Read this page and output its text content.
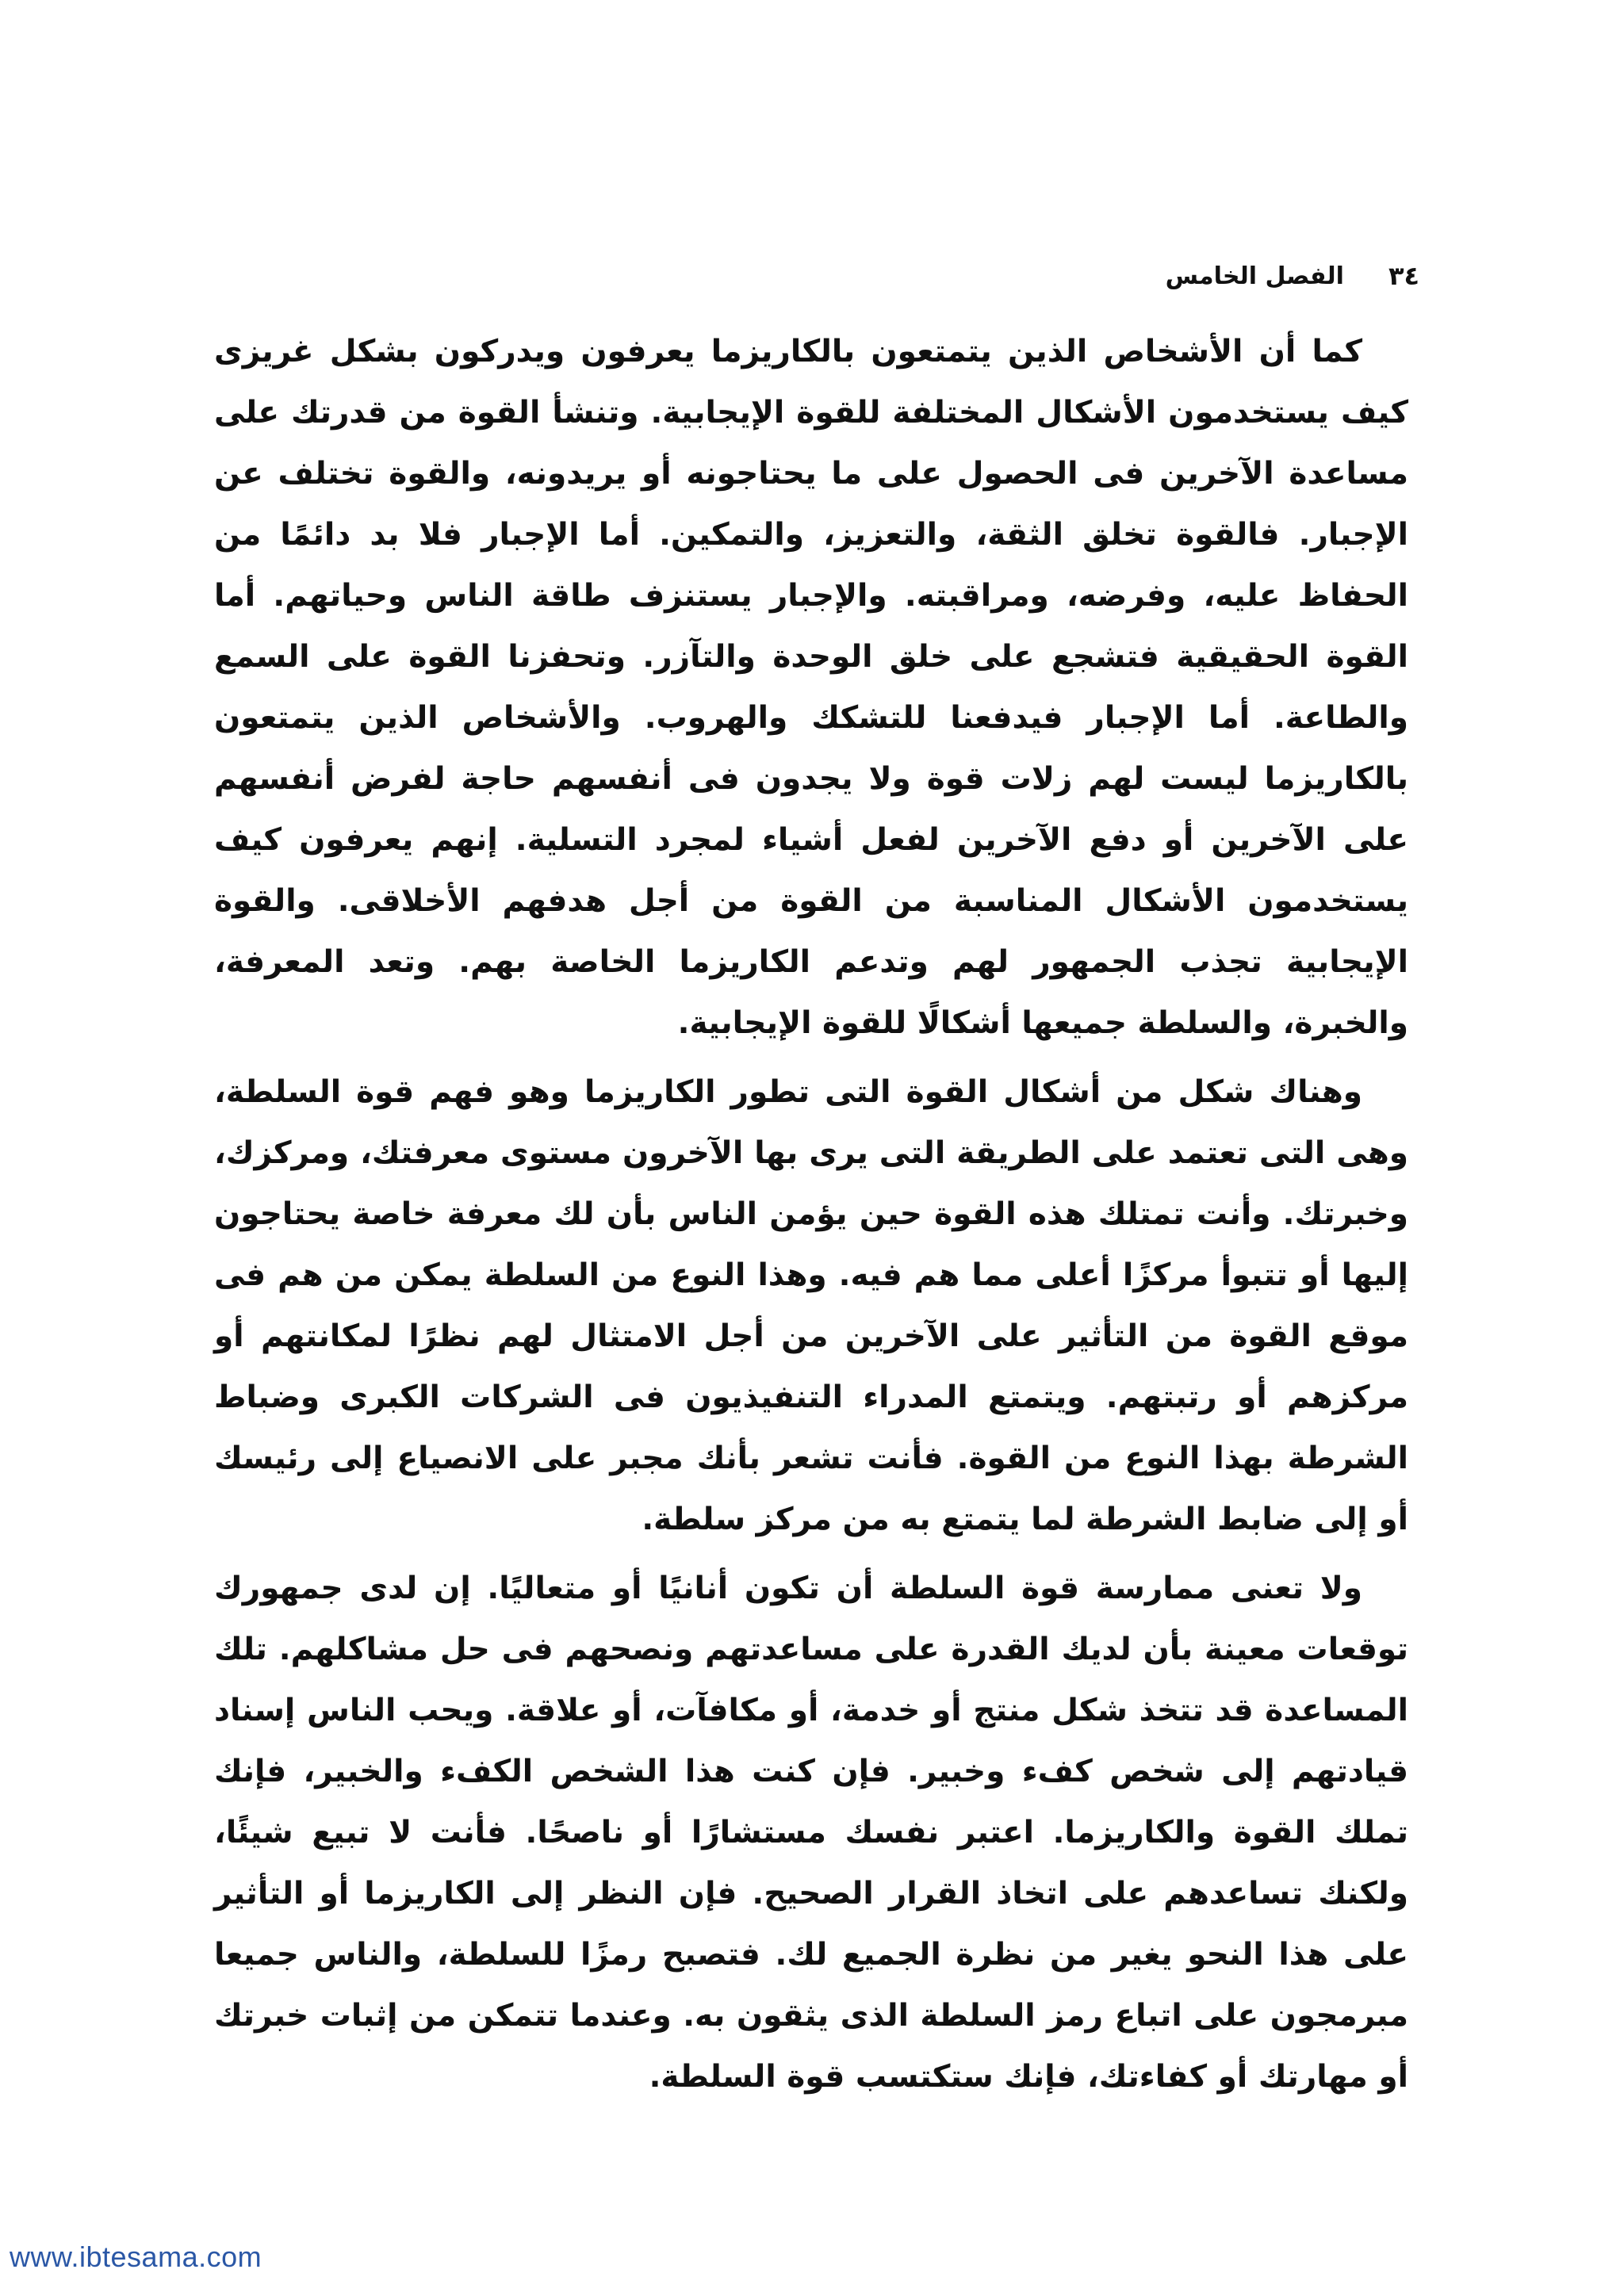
٣٤
الفصل الخامس

كما أن الأشخاص الذين يتمتعون بالكاريزما يعرفون ويدركون بشكل غريزى كيف يستخدمون الأشكال المختلفة للقوة الإيجابية. وتنشأ القوة من قدرتك على مساعدة الآخرين فى الحصول على ما يحتاجونه أو يريدونه، والقوة تختلف عن الإجبار. فالقوة تخلق الثقة، والتعزيز، والتمكين. أما الإجبار فلا بد دائمًا من الحفاظ عليه، وفرضه، ومراقبته. والإجبار يستنزف طاقة الناس وحياتهم. أما القوة الحقيقية فتشجع على خلق الوحدة والتآزر. وتحفزنا القوة على السمع والطاعة. أما الإجبار فيدفعنا للتشكك والهروب. والأشخاص الذين يتمتعون بالكاريزما ليست لهم زلات قوة ولا يجدون فى أنفسهم حاجة لفرض أنفسهم على الآخرين أو دفع الآخرين لفعل أشياء لمجرد التسلية. إنهم يعرفون كيف يستخدمون الأشكال المناسبة من القوة من أجل هدفهم الأخلاقى. والقوة الإيجابية تجذب الجمهور لهم وتدعم الكاريزما الخاصة بهم. وتعد المعرفة، والخبرة، والسلطة جميعها أشكالًا للقوة الإيجابية.

وهناك شكل من أشكال القوة التى تطور الكاريزما وهو فهم قوة السلطة، وهى التى تعتمد على الطريقة التى يرى بها الآخرون مستوى معرفتك، ومركزك، وخبرتك. وأنت تمتلك هذه القوة حين يؤمن الناس بأن لك معرفة خاصة يحتاجون إليها أو تتبوأ مركزًا أعلى مما هم فيه. وهذا النوع من السلطة يمكن من هم فى موقع القوة من التأثير على الآخرين من أجل الامتثال لهم نظرًا لمكانتهم أو مركزهم أو رتبتهم. ويتمتع المدراء التنفيذيون فى الشركات الكبرى وضباط الشرطة بهذا النوع من القوة. فأنت تشعر بأنك مجبر على الانصياع إلى رئيسك أو إلى ضابط الشرطة لما يتمتع به من مركز سلطة.

ولا تعنى ممارسة قوة السلطة أن تكون أنانيًا أو متعاليًا. إن لدى جمهورك توقعات معينة بأن لديك القدرة على مساعدتهم ونصحهم فى حل مشاكلهم. تلك المساعدة قد تتخذ شكل منتج أو خدمة، أو مكافآت، أو علاقة. ويحب الناس إسناد قيادتهم إلى شخص كفء وخبير. فإن كنت هذا الشخص الكفء والخبير، فإنك تملك القوة والكاريزما. اعتبر نفسك مستشارًا أو ناصحًا. فأنت لا تبيع شيئًا، ولكنك تساعدهم على اتخاذ القرار الصحيح. فإن النظر إلى الكاريزما أو التأثير على هذا النحو يغير من نظرة الجميع لك. فتصبح رمزًا للسلطة، والناس جميعا مبرمجون على اتباع رمز السلطة الذى يثقون به. وعندما تتمكن من إثبات خبرتك أو مهارتك أو كفاءتك، فإنك ستكتسب قوة السلطة.

www.ibtesama.com
